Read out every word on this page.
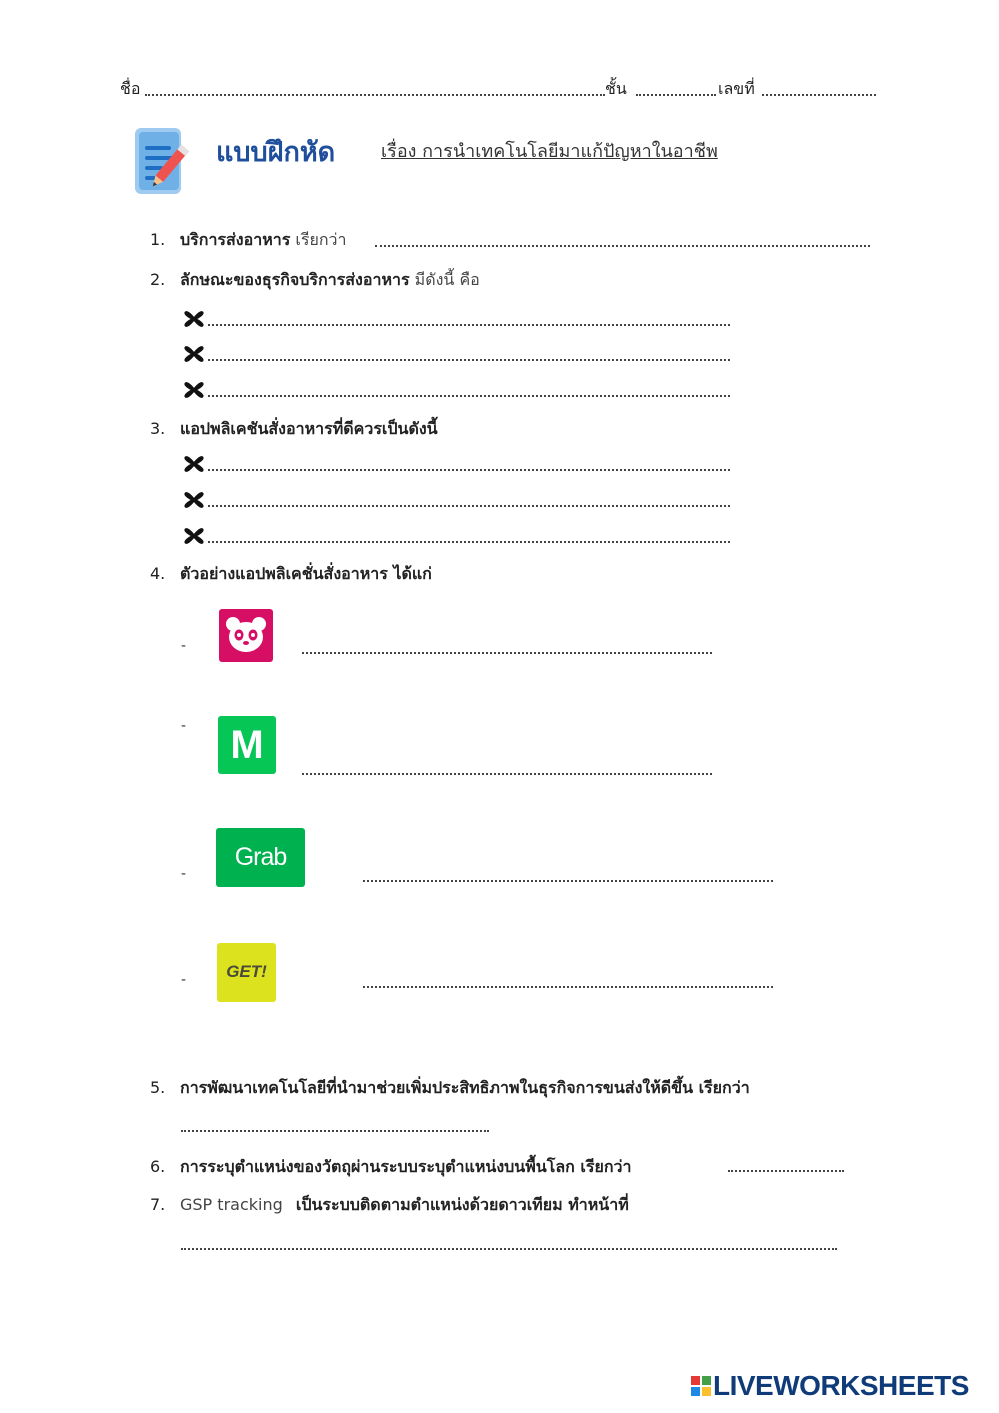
ชื่อ	ชั้น	เลขที่
แบบฝึกหัด	เรื่อง การนำเทคโนโลยีมาแก้ปัญหาในอาชีพ
1. บริการส่งอาหาร เรียกว่า
2. ลักษณะของธุรกิจบริการส่งอาหาร มีดังนี้ คือ
3. แอปพลิเคชันสั่งอาหารที่ดีควรเป็นดังนี้
4. ตัวอย่างแอปพลิเคชั่นสั่งอาหาร ได้แก่
-
-	M
-
Grab
-	GET!
5. การพัฒนาเทคโนโลยีที่นำมาช่วยเพิ่มประสิทธิภาพในธุรกิจการขนส่งให้ดีขึ้น เรียกว่า
6. การระบุตำแหน่งของวัตถุผ่านระบบระบุตำแหน่งบนพื้นโลก เรียกว่า
7. GSP tracking เป็นระบบติดตามตำแหน่งด้วยดาวเทียม ทำหน้าที่
LIVEWORKSHEETS
